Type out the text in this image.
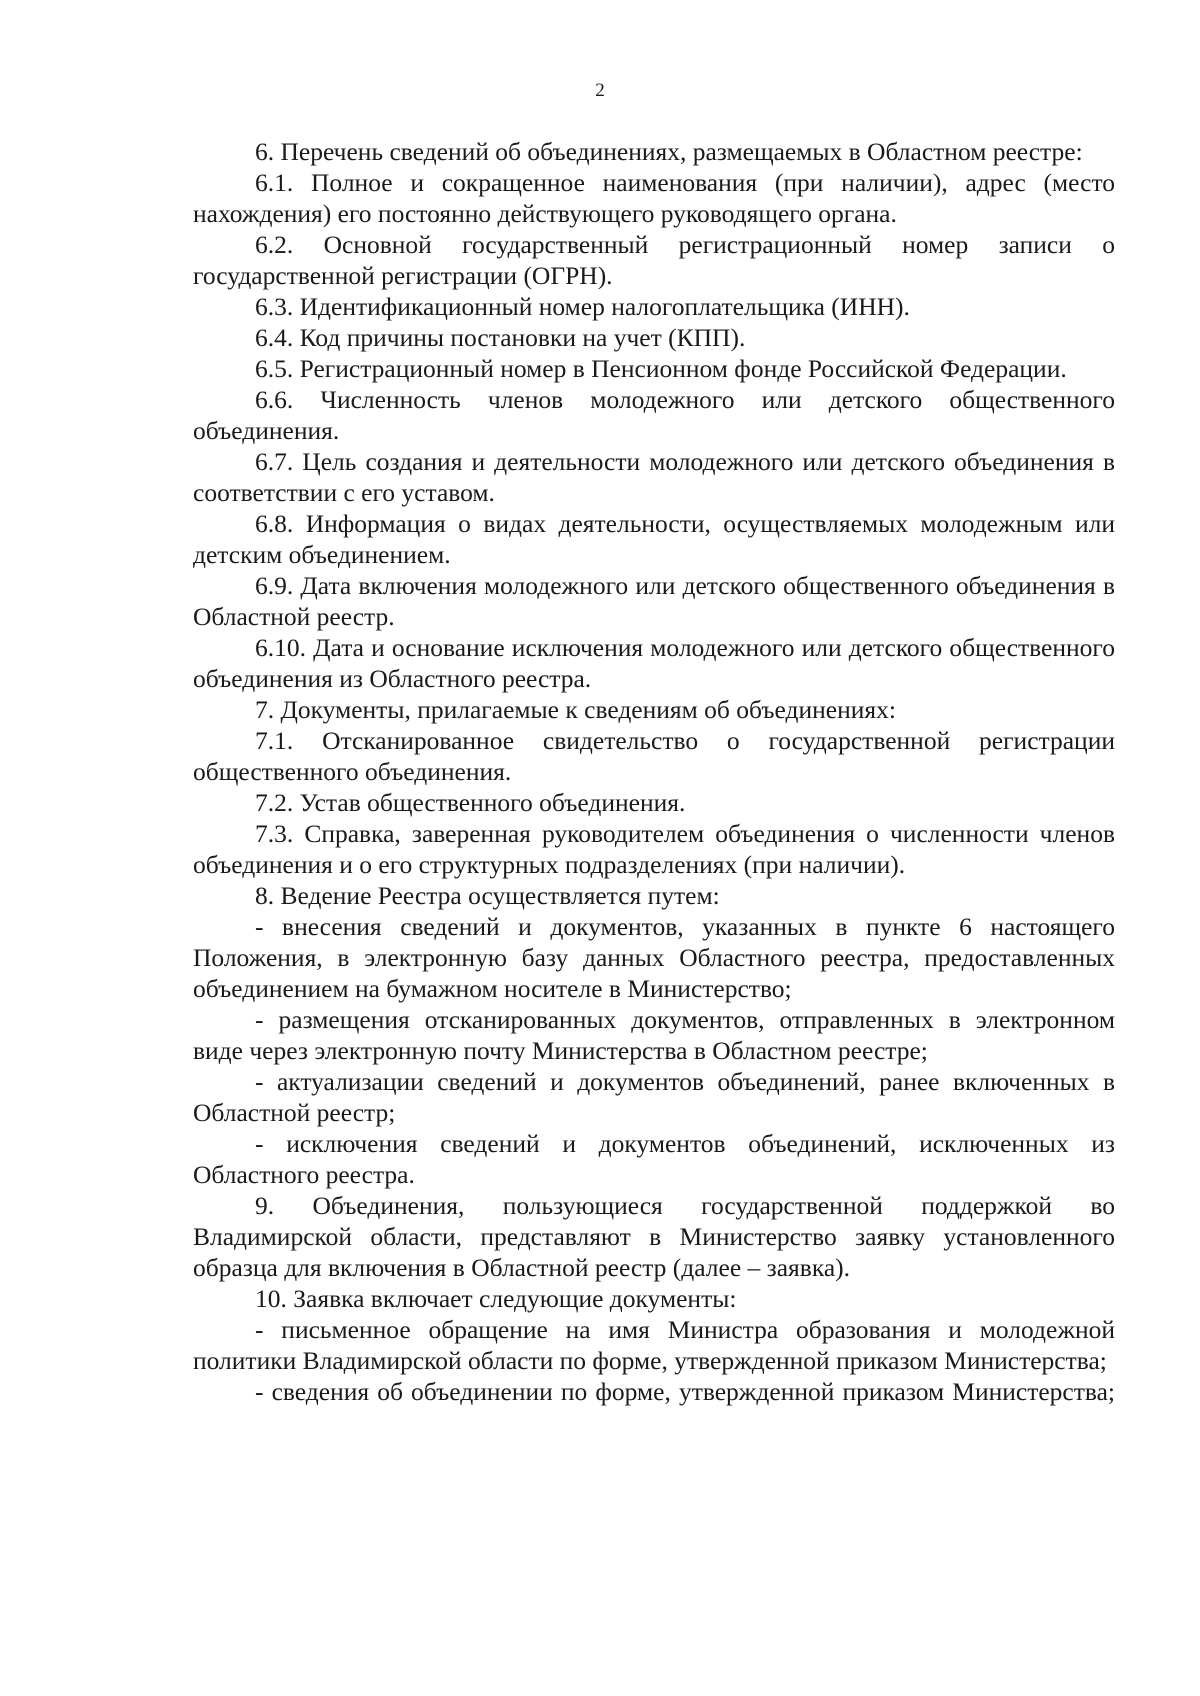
2

6. Перечень сведений об объединениях, размещаемых в Областном реестре:

6.1. Полное и сокращенное наименования (при наличии), адрес (место нахождения) его постоянно действующего руководящего органа.

6.2. Основной государственный регистрационный номер записи о государственной регистрации (ОГРН).

6.3. Идентификационный номер налогоплательщика (ИНН).

6.4. Код причины постановки на учет (КПП).

6.5. Регистрационный номер в Пенсионном фонде Российской Федерации.

6.6. Численность членов молодежного или детского общественного объединения.

6.7. Цель создания и деятельности молодежного или детского объединения в соответствии с его уставом.

6.8. Информация о видах деятельности, осуществляемых молодежным или детским объединением.

6.9. Дата включения молодежного или детского общественного объединения в Областной реестр.

6.10. Дата и основание исключения молодежного или детского общественного объединения из Областного реестра.

7. Документы, прилагаемые к сведениям об объединениях:

7.1. Отсканированное свидетельство о государственной регистрации общественного объединения.

7.2. Устав общественного объединения.

7.3. Справка, заверенная руководителем объединения о численности членов объединения и о его структурных подразделениях (при наличии).

8. Ведение Реестра осуществляется путем:

- внесения сведений и документов, указанных в пункте 6 настоящего Положения, в электронную базу данных Областного реестра, предоставленных объединением на бумажном носителе в Министерство;

- размещения отсканированных документов, отправленных в электронном виде через электронную почту Министерства в Областном реестре;

- актуализации сведений и документов объединений, ранее включенных в Областной реестр;

- исключения сведений и документов объединений, исключенных из Областного реестра.

9. Объединения, пользующиеся государственной поддержкой во Владимирской области, представляют в Министерство заявку установленного образца для включения в Областной реестр (далее – заявка).

10. Заявка включает следующие документы:

- письменное обращение на имя Министра образования и молодежной политики Владимирской области по форме, утвержденной приказом Министерства;

- сведения об объединении по форме, утвержденной приказом Министерства;
